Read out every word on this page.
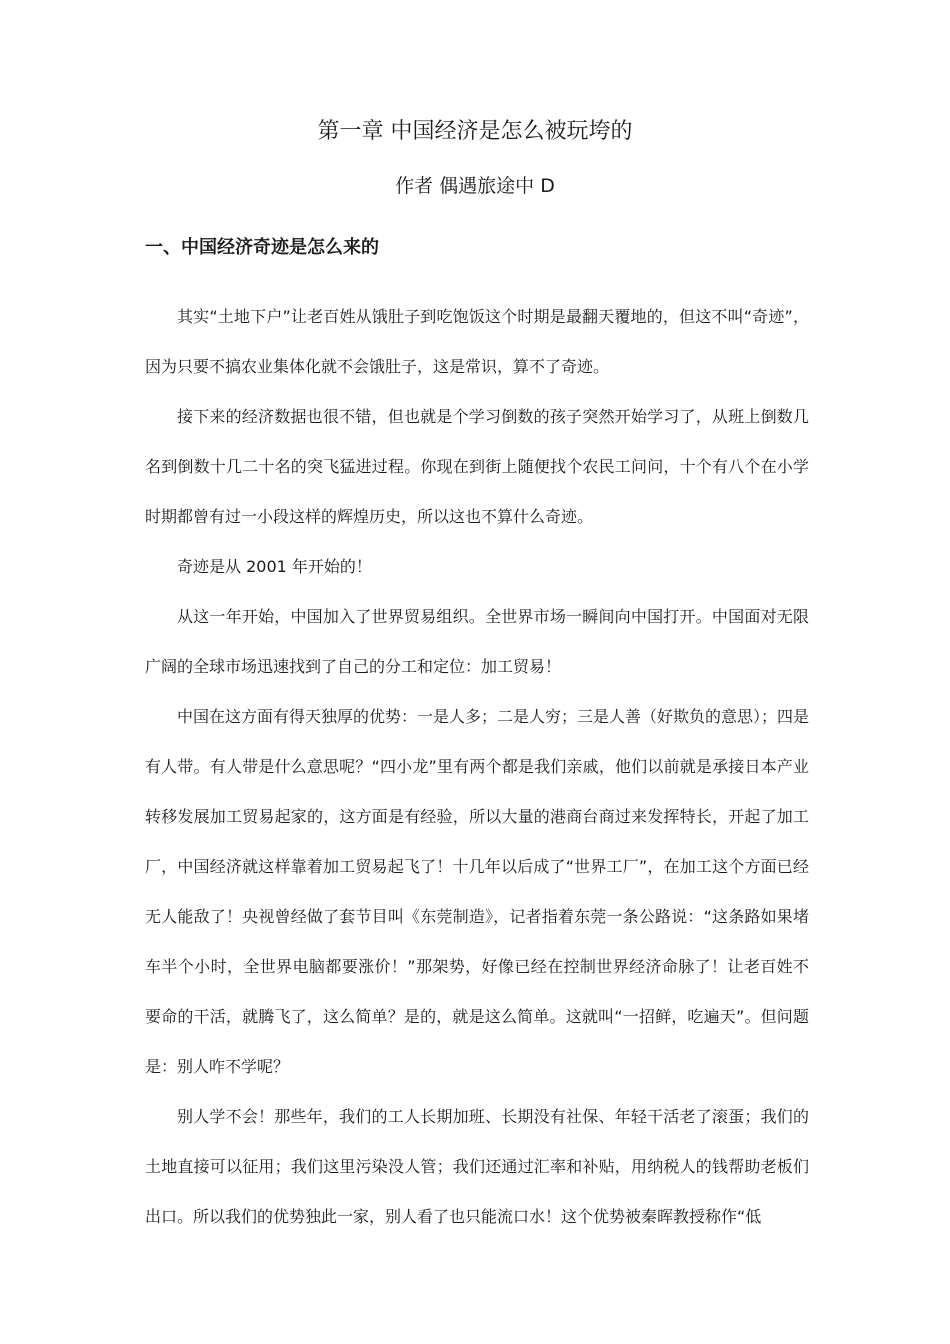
第一章 中国经济是怎么被玩垮的
作者 偶遇旅途中 D
一、中国经济奇迹是怎么来的

其实“土地下户”让老百姓从饿肚子到吃饱饭这个时期是最翻天覆地的，但这不叫“奇迹”，因为只要不搞农业集体化就不会饿肚子，这是常识，算不了奇迹。

接下来的经济数据也很不错，但也就是个学习倒数的孩子突然开始学习了，从班上倒数几名到倒数十几二十名的突飞猛进过程。你现在到街上随便找个农民工问问，十个有八个在小学时期都曾有过一小段这样的辉煌历史，所以这也不算什么奇迹。

奇迹是从 2001 年开始的！

从这一年开始，中国加入了世界贸易组织。全世界市场一瞬间向中国打开。中国面对无限广阔的全球市场迅速找到了自己的分工和定位：加工贸易！

中国在这方面有得天独厚的优势：一是人多；二是人穷；三是人善（好欺负的意思）；四是有人带。有人带是什么意思呢？“四小龙”里有两个都是我们亲戚，他们以前就是承接日本产业转移发展加工贸易起家的，这方面是有经验，所以大量的港商台商过来发挥特长，开起了加工厂，中国经济就这样靠着加工贸易起飞了！十几年以后成了“世界工厂”，在加工这个方面已经无人能敌了！央视曾经做了套节目叫《东莞制造》，记者指着东莞一条公路说：“这条路如果堵车半个小时，全世界电脑都要涨价！”那架势，好像已经在控制世界经济命脉了！让老百姓不要命的干活，就腾飞了，这么简单？是的，就是这么简单。这就叫“一招鲜，吃遍天”。但问题是：别人咋不学呢？

别人学不会！那些年，我们的工人长期加班、长期没有社保、年轻干活老了滚蛋；我们的土地直接可以征用；我们这里污染没人管；我们还通过汇率和补贴，用纳税人的钱帮助老板们出口。所以我们的优势独此一家，别人看了也只能流口水！这个优势被秦晖教授称作“低
